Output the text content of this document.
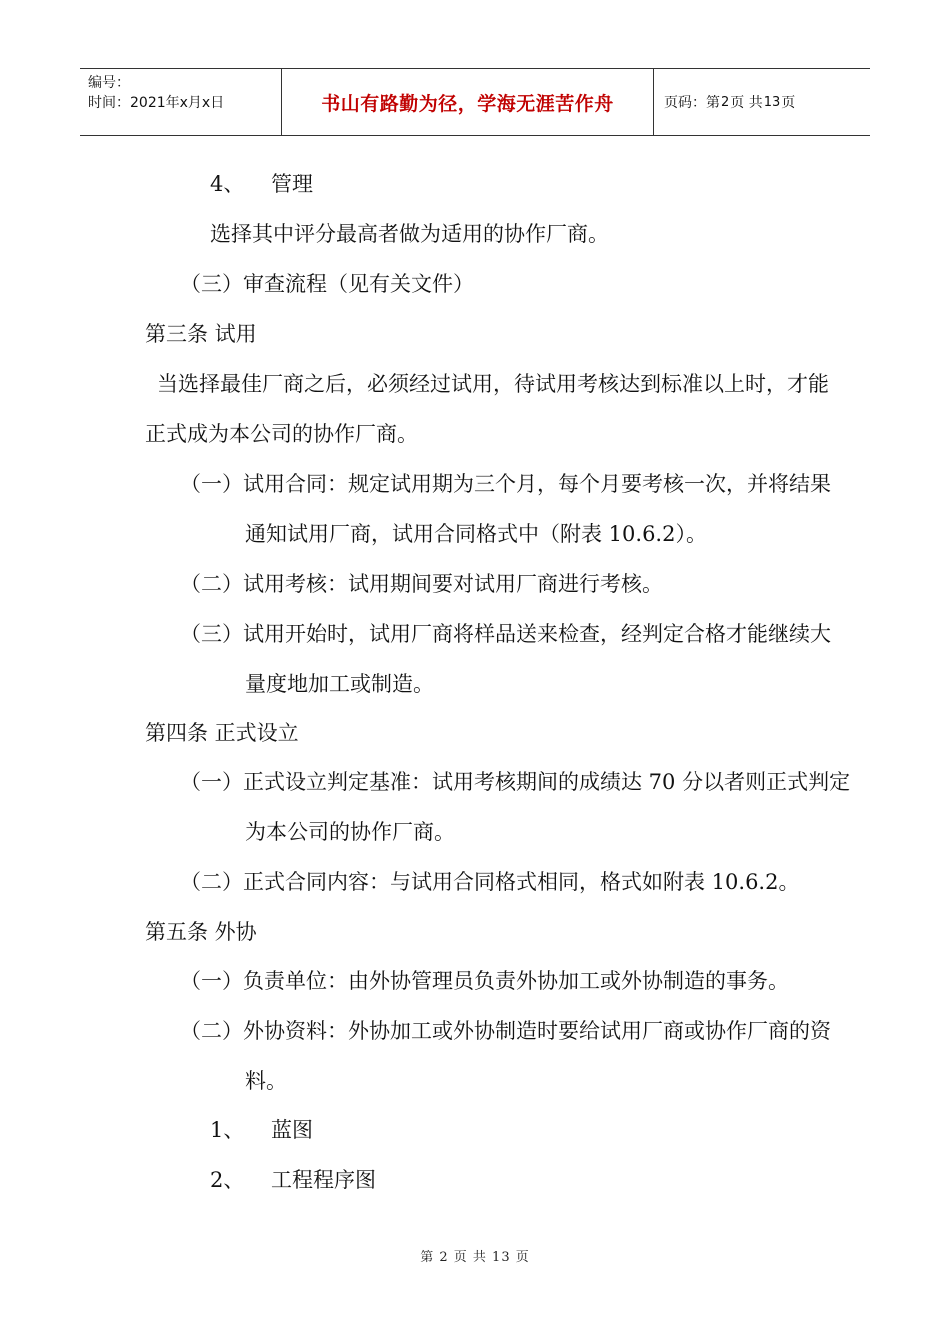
编号：
时间：2021年x月x日	书山有路勤为径，学海无涯苦作舟	页码：第 2 页 共 13 页
4、    管理
选择其中评分最高者做为适用的协作厂商。
（三）审查流程（见有关文件）
第三条 试用
当选择最佳厂商之后，必须经过试用，待试用考核达到标准以上时，才能
正式成为本公司的协作厂商。
（一）试用合同：规定试用期为三个月，每个月要考核一次，并将结果
通知试用厂商，试用合同格式中（附表 10.6.2）。
（二）试用考核：试用期间要对试用厂商进行考核。
（三）试用开始时，试用厂商将样品送来检查，经判定合格才能继续大
量度地加工或制造。
第四条 正式设立
（一）正式设立判定基准：试用考核期间的成绩达 70 分以者则正式判定
为本公司的协作厂商。
（二）正式合同内容：与试用合同格式相同，格式如附表 10.6.2。
第五条 外协
（一）负责单位：由外协管理员负责外协加工或外协制造的事务。
（二）外协资料：外协加工或外协制造时要给试用厂商或协作厂商的资
料。
1、    蓝图
2、    工程程序图
第 2 页 共 13 页
